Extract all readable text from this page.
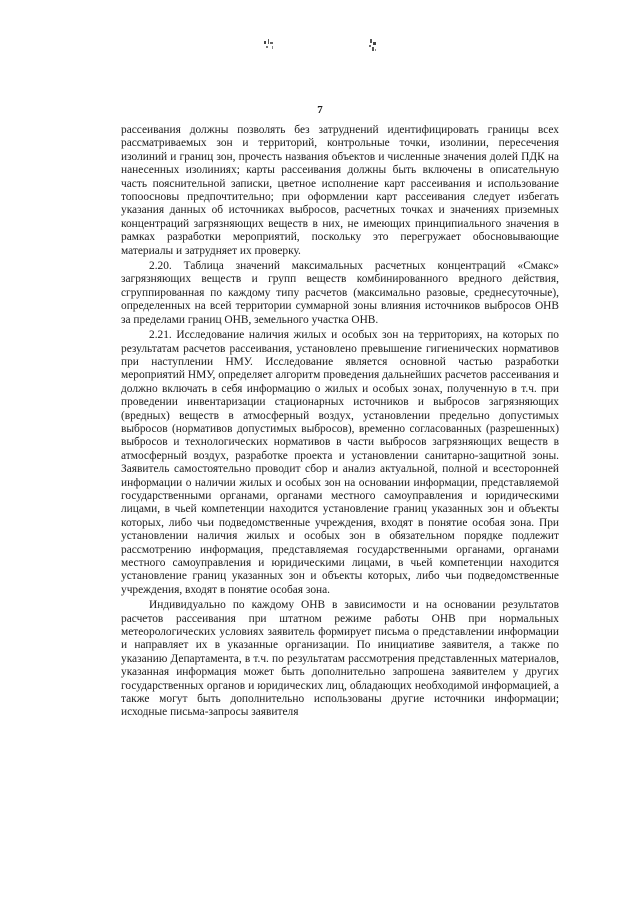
7

рассеивания должны позволять без затруднений идентифицировать границы всех рассматриваемых зон и территорий, контрольные точки, изолинии, пересечения изолиний и границ зон, прочесть названия объектов и численные значения долей ПДК на нанесенных изолиниях; карты рассеивания должны быть включены в описательную часть пояснительной записки, цветное исполнение карт рассеивания и использование топоосновы предпочтительно; при оформлении карт рассеивания следует избегать указания данных об источниках выбросов, расчетных точках и значениях приземных концентраций загрязняющих веществ в них, не имеющих принципиального значения в рамках разработки мероприятий, поскольку это перегружает обосновывающие материалы и затрудняет их проверку.

2.20. Таблица значений максимальных расчетных концентраций «Смакс» загрязняющих веществ и групп веществ комбинированного вредного действия, сгруппированная по каждому типу расчетов (максимально разовые, среднесуточные), определенных на всей территории суммарной зоны влияния источников выбросов ОНВ за пределами границ ОНВ, земельного участка ОНВ.

2.21. Исследование наличия жилых и особых зон на территориях, на которых по результатам расчетов рассеивания, установлено превышение гигиенических нормативов при наступлении НМУ. Исследование является основной частью разработки мероприятий НМУ, определяет алгоритм проведения дальнейших расчетов рассеивания и должно включать в себя информацию о жилых и особых зонах, полученную в т.ч. при проведении инвентаризации стационарных источников и выбросов загрязняющих (вредных) веществ в атмосферный воздух, установлении предельно допустимых выбросов (нормативов допустимых выбросов), временно согласованных (разрешенных) выбросов и технологических нормативов в части выбросов загрязняющих веществ в атмосферный воздух, разработке проекта и установлении санитарно-защитной зоны. Заявитель самостоятельно проводит сбор и анализ актуальной, полной и всесторонней информации о наличии жилых и особых зон на основании информации, представляемой государственными органами, органами местного самоуправления и юридическими лицами, в чьей компетенции находится установление границ указанных зон и объекты которых, либо чьи подведомственные учреждения, входят в понятие особая зона. При установлении наличия жилых и особых зон в обязательном порядке подлежит рассмотрению информация, представляемая государственными органами, органами местного самоуправления и юридическими лицами, в чьей компетенции находится установление границ указанных зон и объекты которых, либо чьи подведомственные учреждения, входят в понятие особая зона.

Индивидуально по каждому ОНВ в зависимости и на основании результатов расчетов рассеивания при штатном режиме работы ОНВ при нормальных метеорологических условиях заявитель формирует письма о представлении информации и направляет их в указанные организации. По инициативе заявителя, а также по указанию Департамента, в т.ч. по результатам рассмотрения представленных материалов, указанная информация может быть дополнительно запрошена заявителем у других государственных органов и юридических лиц, обладающих необходимой информацией, а также могут быть дополнительно использованы другие источники информации; исходные письма-запросы заявителя
